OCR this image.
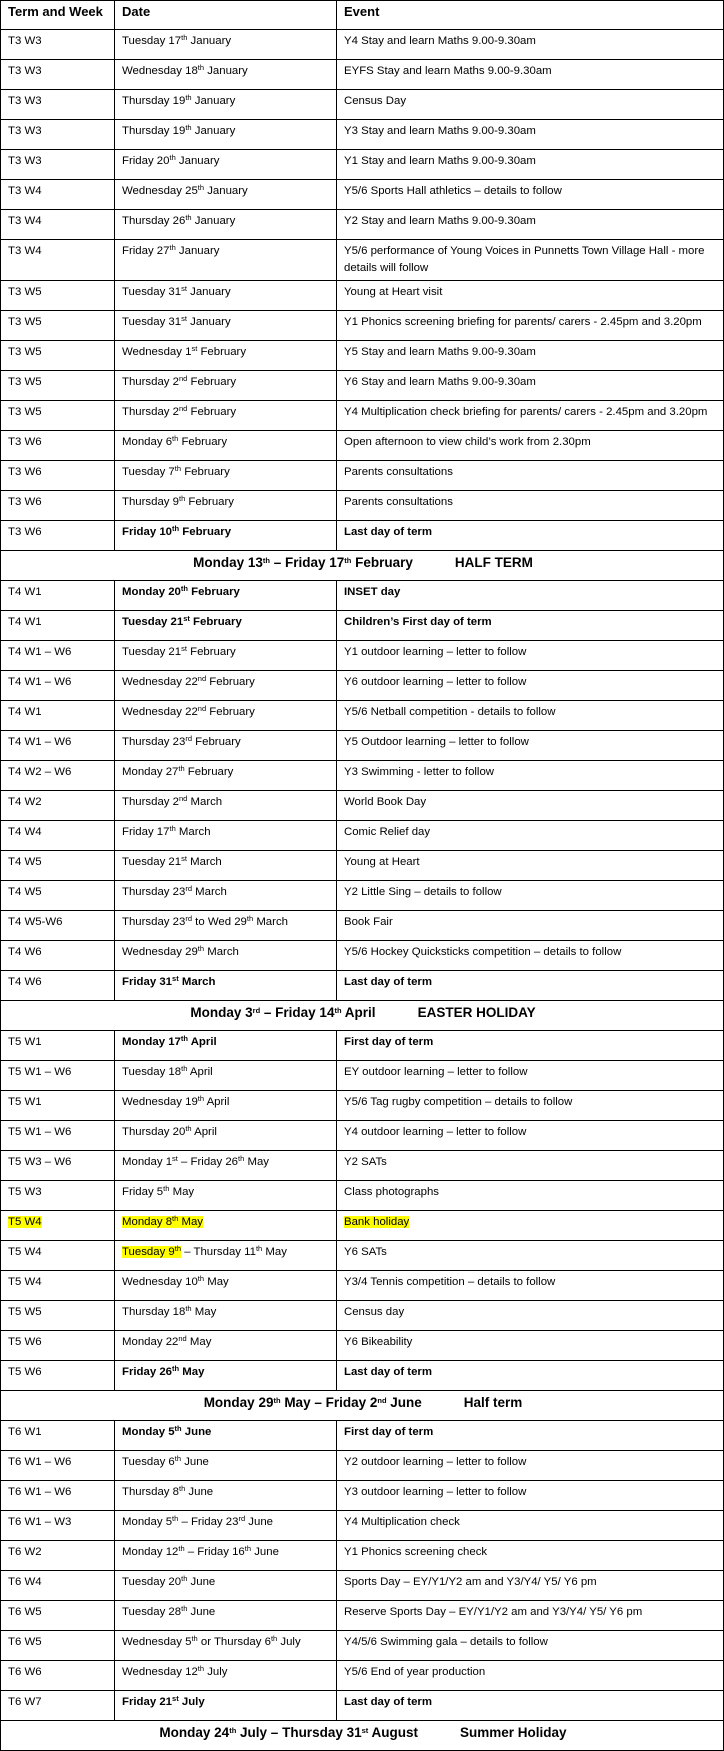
Term and Week	Date	Event
T3 W3	Tuesday 17th January	Y4 Stay and learn Maths 9.00-9.30am
T3 W3	Wednesday 18th January	EYFS Stay and learn Maths 9.00-9.30am
T3 W3	Thursday 19th January	Census Day
T3 W3	Thursday 19th January	Y3 Stay and learn Maths 9.00-9.30am
T3 W3	Friday 20th January	Y1 Stay and learn Maths 9.00-9.30am
T3 W4	Wednesday 25th January	Y5/6 Sports Hall athletics – details to follow
T3 W4	Thursday 26th January	Y2 Stay and learn Maths 9.00-9.30am
T3 W4	Friday 27th January	Y5/6 performance of Young Voices in Punnetts Town Village Hall - more details will follow
T3 W5	Tuesday 31st January	Young at Heart visit
T3 W5	Tuesday 31st January	Y1 Phonics screening briefing for parents/ carers - 2.45pm and 3.20pm
T3 W5	Wednesday 1st February	Y5 Stay and learn Maths 9.00-9.30am
T3 W5	Thursday 2nd February	Y6 Stay and learn Maths 9.00-9.30am
T3 W5	Thursday 2nd February	Y4 Multiplication check briefing for parents/ carers - 2.45pm and 3.20pm
T3 W6	Monday 6th February	Open afternoon to view child’s work from 2.30pm
T3 W6	Tuesday 7th February	Parents consultations
T3 W6	Thursday 9th February	Parents consultations
T3 W6	Friday 10th February	Last day of term
Monday 13th – Friday 17th February HALF TERM		
T4 W1	Monday 20th February	INSET day
T4 W1	Tuesday 21st February	Children’s First day of term
T4 W1 – W6	Tuesday 21st February	Y1 outdoor learning – letter to follow
T4 W1 – W6	Wednesday 22nd February	Y6 outdoor learning – letter to follow
T4 W1	Wednesday 22nd February	Y5/6 Netball competition - details to follow
T4 W1 – W6	Thursday 23rd February	Y5 Outdoor learning – letter to follow
T4 W2 – W6	Monday 27th February	Y3 Swimming - letter to follow
T4 W2	Thursday 2nd March	World Book Day
T4 W4	Friday 17th March	Comic Relief day
T4 W5	Tuesday 21st March	Young at Heart
T4 W5	Thursday 23rd March	Y2 Little Sing – details to follow
T4 W5-W6	Thursday 23rd to Wed 29th March	Book Fair
T4 W6	Wednesday 29th March	Y5/6 Hockey Quicksticks competition – details to follow
T4 W6	Friday 31st March	Last day of term
Monday 3rd – Friday 14th April EASTER HOLIDAY		
T5 W1	Monday 17th April	First day of term
T5 W1 – W6	Tuesday 18th April	EY outdoor learning – letter to follow
T5 W1	Wednesday 19th April	Y5/6 Tag rugby competition – details to follow
T5 W1 – W6	Thursday 20th April	Y4 outdoor learning – letter to follow
T5 W3 – W6	Monday 1st – Friday 26th May	Y2 SATs
T5 W3	Friday 5th May	Class photographs
T5 W4	Monday 8th May	Bank holiday
T5 W4	Tuesday 9th – Thursday 11th May	Y6 SATs
T5 W4	Wednesday 10th May	Y3/4 Tennis competition – details to follow
T5 W5	Thursday 18th May	Census day
T5 W6	Monday 22nd May	Y6 Bikeability
T5 W6	Friday 26th May	Last day of term
Monday 29th May – Friday 2nd June Half term		
T6 W1	Monday 5th June	First day of term
T6 W1 – W6	Tuesday 6th June	Y2 outdoor learning – letter to follow
T6 W1 – W6	Thursday 8th June	Y3 outdoor learning – letter to follow
T6 W1 – W3	Monday 5th – Friday 23rd June	Y4 Multiplication check
T6 W2	Monday 12th – Friday 16th June	Y1 Phonics screening check
T6 W4	Tuesday 20th June	Sports Day – EY/Y1/Y2 am and Y3/Y4/ Y5/ Y6 pm
T6 W5	Tuesday 28th June	Reserve Sports Day – EY/Y1/Y2 am and Y3/Y4/ Y5/ Y6 pm
T6 W5	Wednesday 5th or Thursday 6th July	Y4/5/6 Swimming gala – details to follow
T6 W6	Wednesday 12th July	Y5/6 End of year production
T6 W7	Friday 21st July	Last day of term
Monday 24th July – Thursday 31st August Summer Holiday		
